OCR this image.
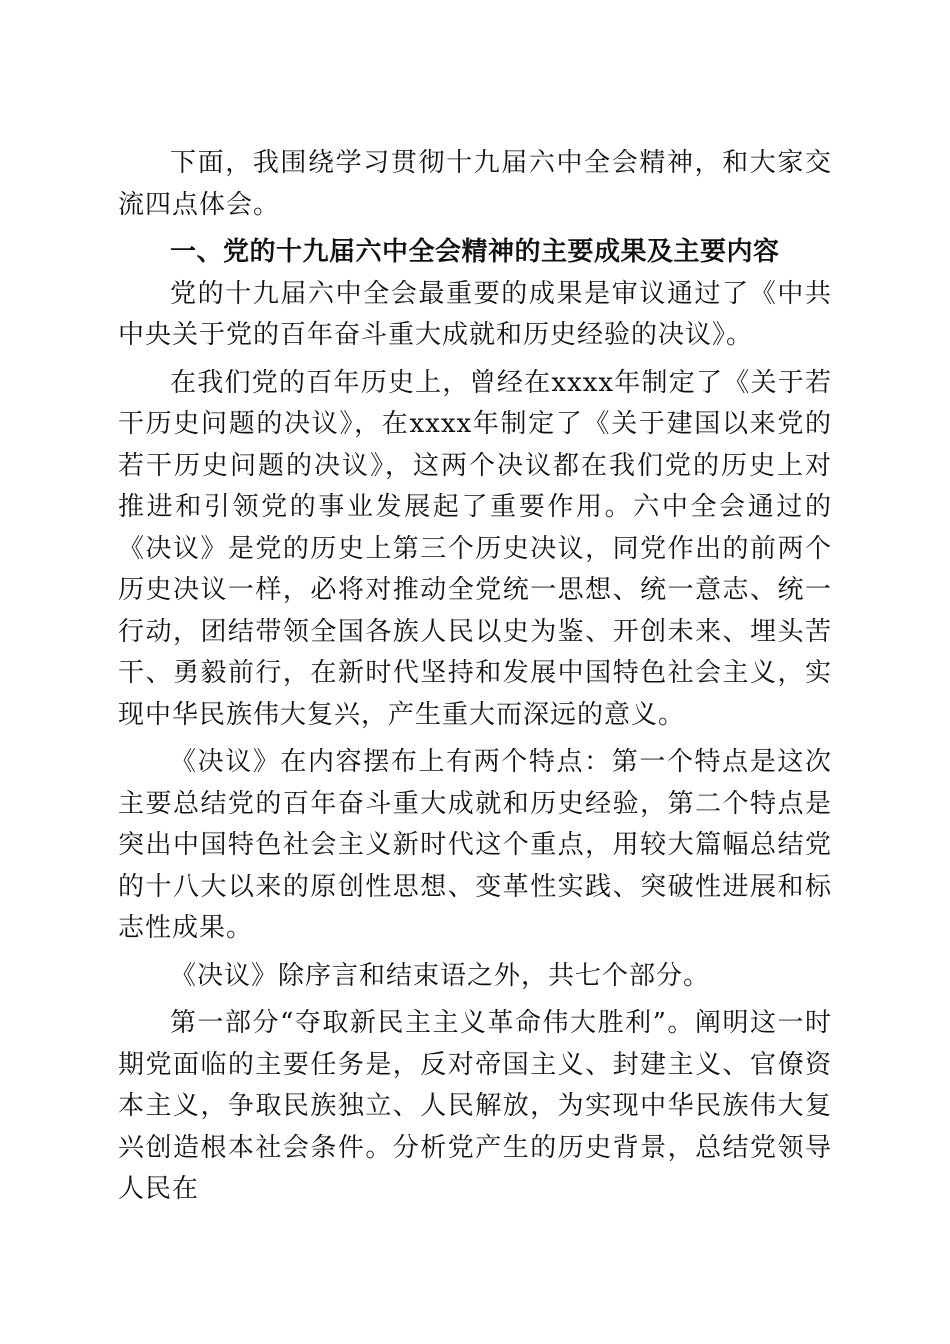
下面，我围绕学习贯彻十九届六中全会精神，和大家交流四点体会。

一、党的十九届六中全会精神的主要成果及主要内容

党的十九届六中全会最重要的成果是审议通过了《中共中央关于党的百年奋斗重大成就和历史经验的决议》。

在我们党的百年历史上，曾经在xxxx年制定了《关于若干历史问题的决议》，在xxxx年制定了《关于建国以来党的若干历史问题的决议》，这两个决议都在我们党的历史上对推进和引领党的事业发展起了重要作用。六中全会通过的《决议》是党的历史上第三个历史决议，同党作出的前两个历史决议一样，必将对推动全党统一思想、统一意志、统一行动，团结带领全国各族人民以史为鉴、开创未来、埋头苦干、勇毅前行，在新时代坚持和发展中国特色社会主义，实现中华民族伟大复兴，产生重大而深远的意义。

《决议》在内容摆布上有两个特点：第一个特点是这次主要总结党的百年奋斗重大成就和历史经验，第二个特点是突出中国特色社会主义新时代这个重点，用较大篇幅总结党的十八大以来的原创性思想、变革性实践、突破性进展和标志性成果。

《决议》除序言和结束语之外，共七个部分。

第一部分“夺取新民主主义革命伟大胜利”。阐明这一时期党面临的主要任务是，反对帝国主义、封建主义、官僚资本主义，争取民族独立、人民解放，为实现中华民族伟大复兴创造根本社会条件。分析党产生的历史背景，总结党领导人民在
